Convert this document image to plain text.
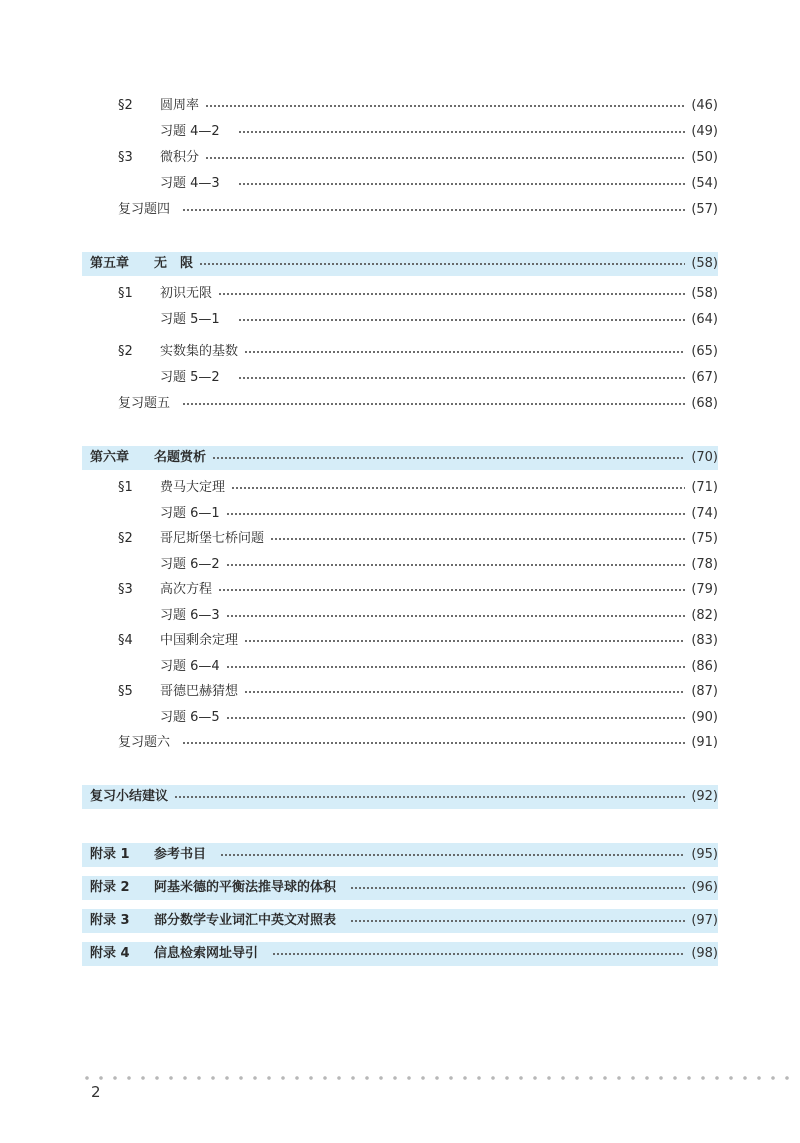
§2	圆周率	(46)
习题 4—2	(49)
§3	微积分	(50)
习题 4—3	(54)
复习题四	(57)
第五章	无　限	(58)
§1	初识无限	(58)
习题 5—1	(64)
§2	实数集的基数	(65)
习题 5—2	(67)
复习题五	(68)
第六章	名题赏析	(70)
§1	费马大定理	(71)
习题 6—1	(74)
§2	哥尼斯堡七桥问题	(75)
习题 6—2	(78)
§3	高次方程	(79)
习题 6—3	(82)
§4	中国剩余定理	(83)
习题 6—4	(86)
§5	哥德巴赫猜想	(87)
习题 6—5	(90)
复习题六	(91)
复习小结建议	(92)
附录 1	参考书目	(95)
附录 2	阿基米德的平衡法推导球的体积	(96)
附录 3	部分数学专业词汇中英文对照表	(97)
附录 4	信息检索网址导引	(98)
2
